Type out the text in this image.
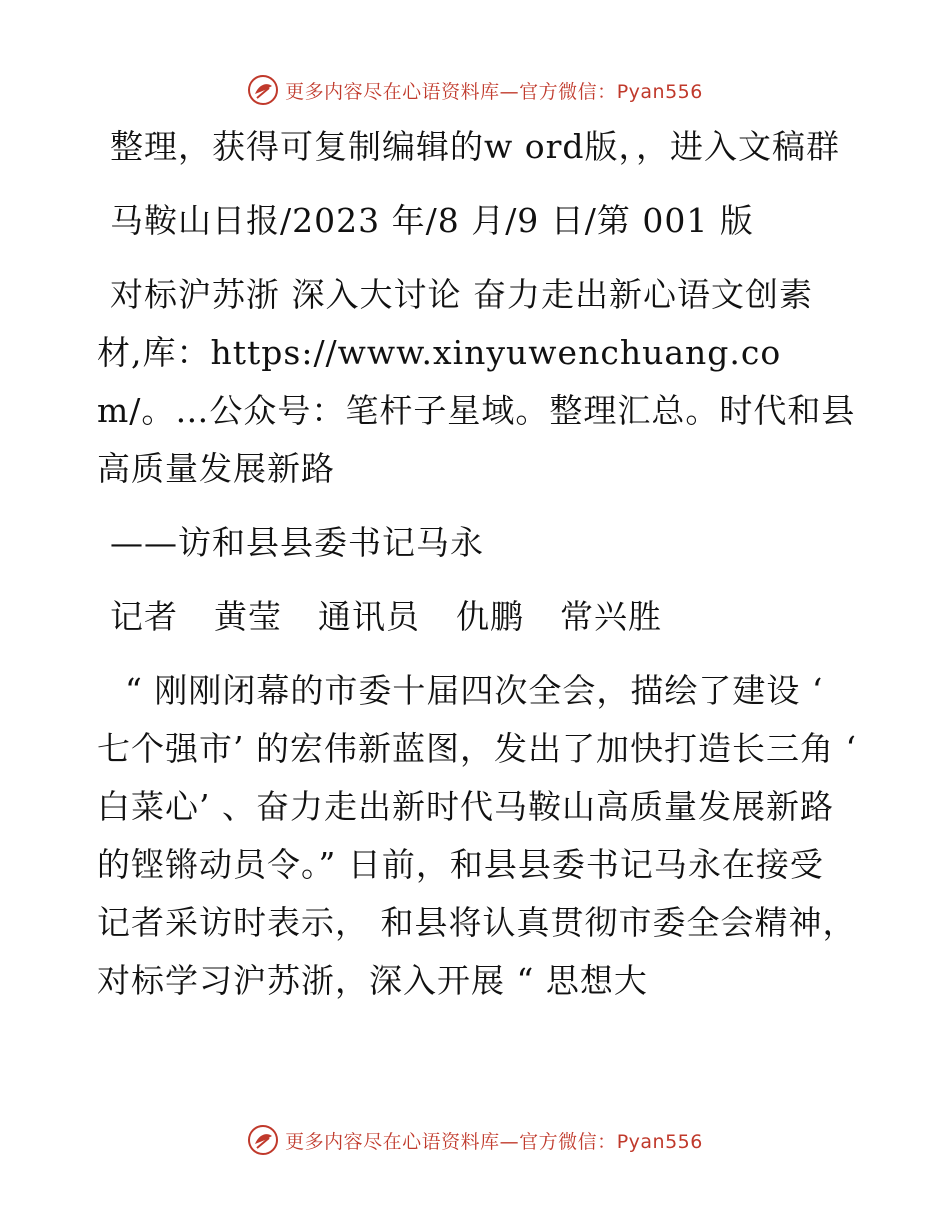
更多内容尽在心语资料库—官方微信：Pyan556

整理，获得可复制编辑的w ord版，，进入文稿群

马鞍山日报/2023 年/8 月/9 日/第 001 版

对标沪苏浙 深入大讨论 奋力走出新心语文创素材,库：https://www.xinyuwenchuang.com/。…公众号：笔杆子星域。整理汇总。时代和县高质量发展新路

——访和县县委书记马永

记者 黄莹 通讯员 仇鹏 常兴胜

“ 刚刚闭幕的市委十届四次全会，描绘了建设 ‘ 七个强市’ 的宏伟新蓝图，发出了加快打造长三角 ‘ 白菜心’ 、奋力走出新时代马鞍山高质量发展新路的铿锵动员令。” 日前，和县县委书记马永在接受记者采访时表示， 和县将认真贯彻市委全会精神，对标学习沪苏浙，深入开展 “ 思想大

更多内容尽在心语资料库—官方微信：Pyan556
